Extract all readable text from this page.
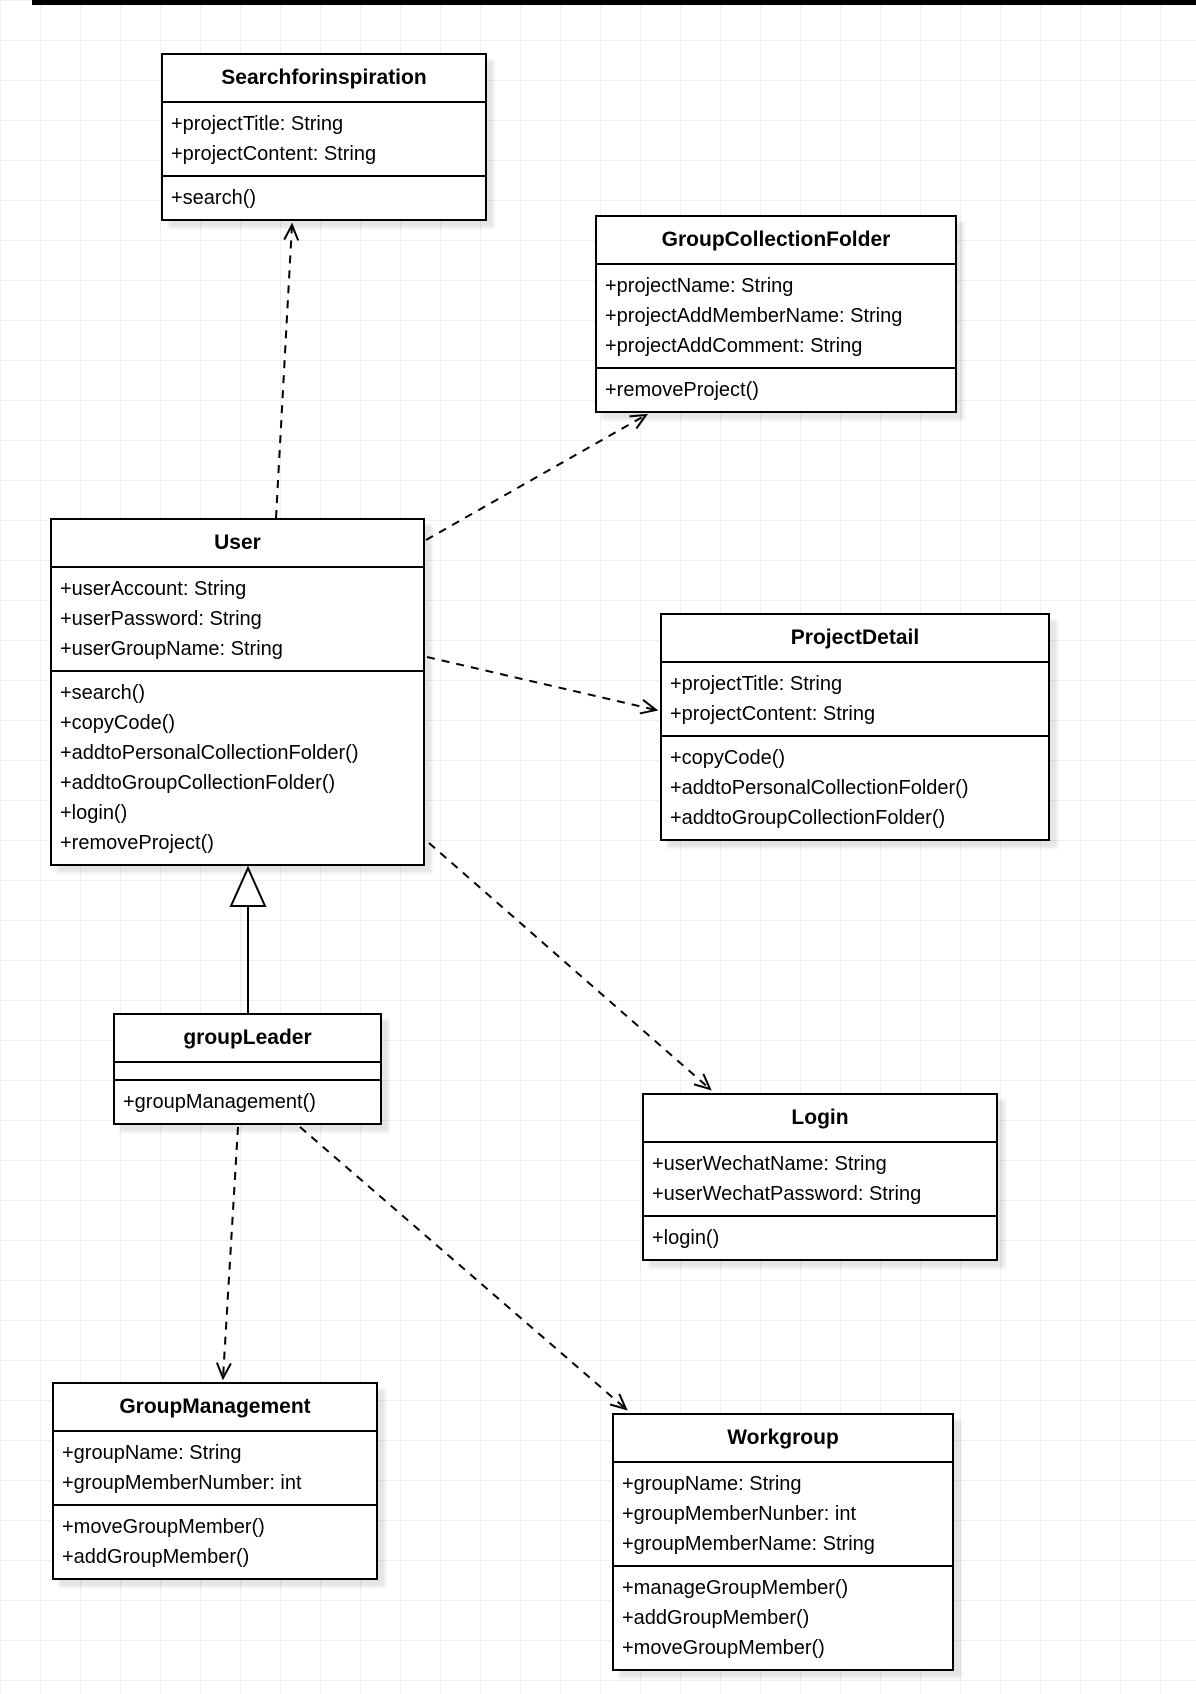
Searchforinspiration
+projectTitle: String
+projectContent: String
+search()
GroupCollectionFolder
+projectName: String
+projectAddMemberName: String
+projectAddComment: String
+removeProject()
User
+userAccount: String
+userPassword: String
+userGroupName: String
+search()
+copyCode()
+addtoPersonalCollectionFolder()
+addtoGroupCollectionFolder()
+login()
+removeProject()
ProjectDetail
+projectTitle: String
+projectContent: String
+copyCode()
+addtoPersonalCollectionFolder()
+addtoGroupCollectionFolder()
groupLeader
+groupManagement()
Login
+userWechatName: String
+userWechatPassword: String
+login()
GroupManagement
+groupName: String
+groupMemberNumber: int
+moveGroupMember()
+addGroupMember()
Workgroup
+groupName: String
+groupMemberNunber: int
+groupMemberName: String
+manageGroupMember()
+addGroupMember()
+moveGroupMember()
